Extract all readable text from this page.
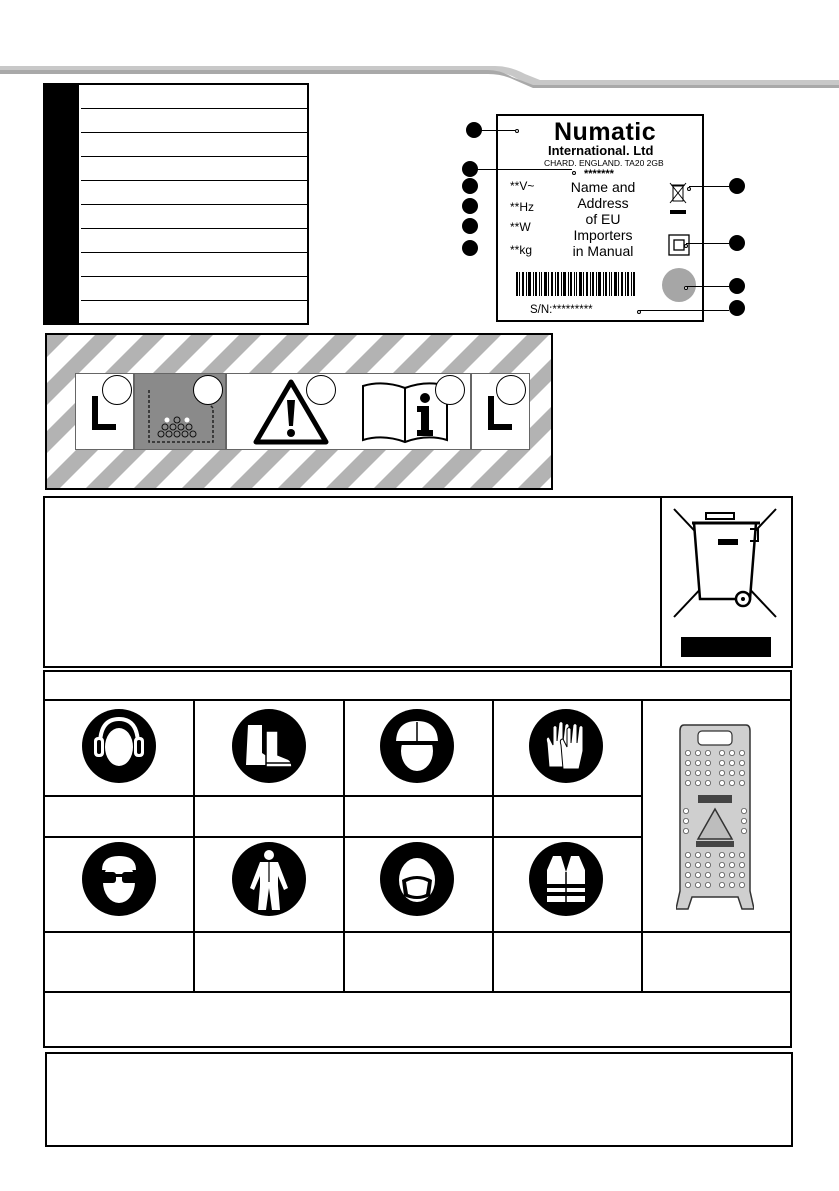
Numatic
International. Ltd
CHARD. ENGLAND. TA20 2GB
*******
**V~
**Hz
**W
**kg
Name and
Address
of EU
Importers
in Manual
S/N:*********
